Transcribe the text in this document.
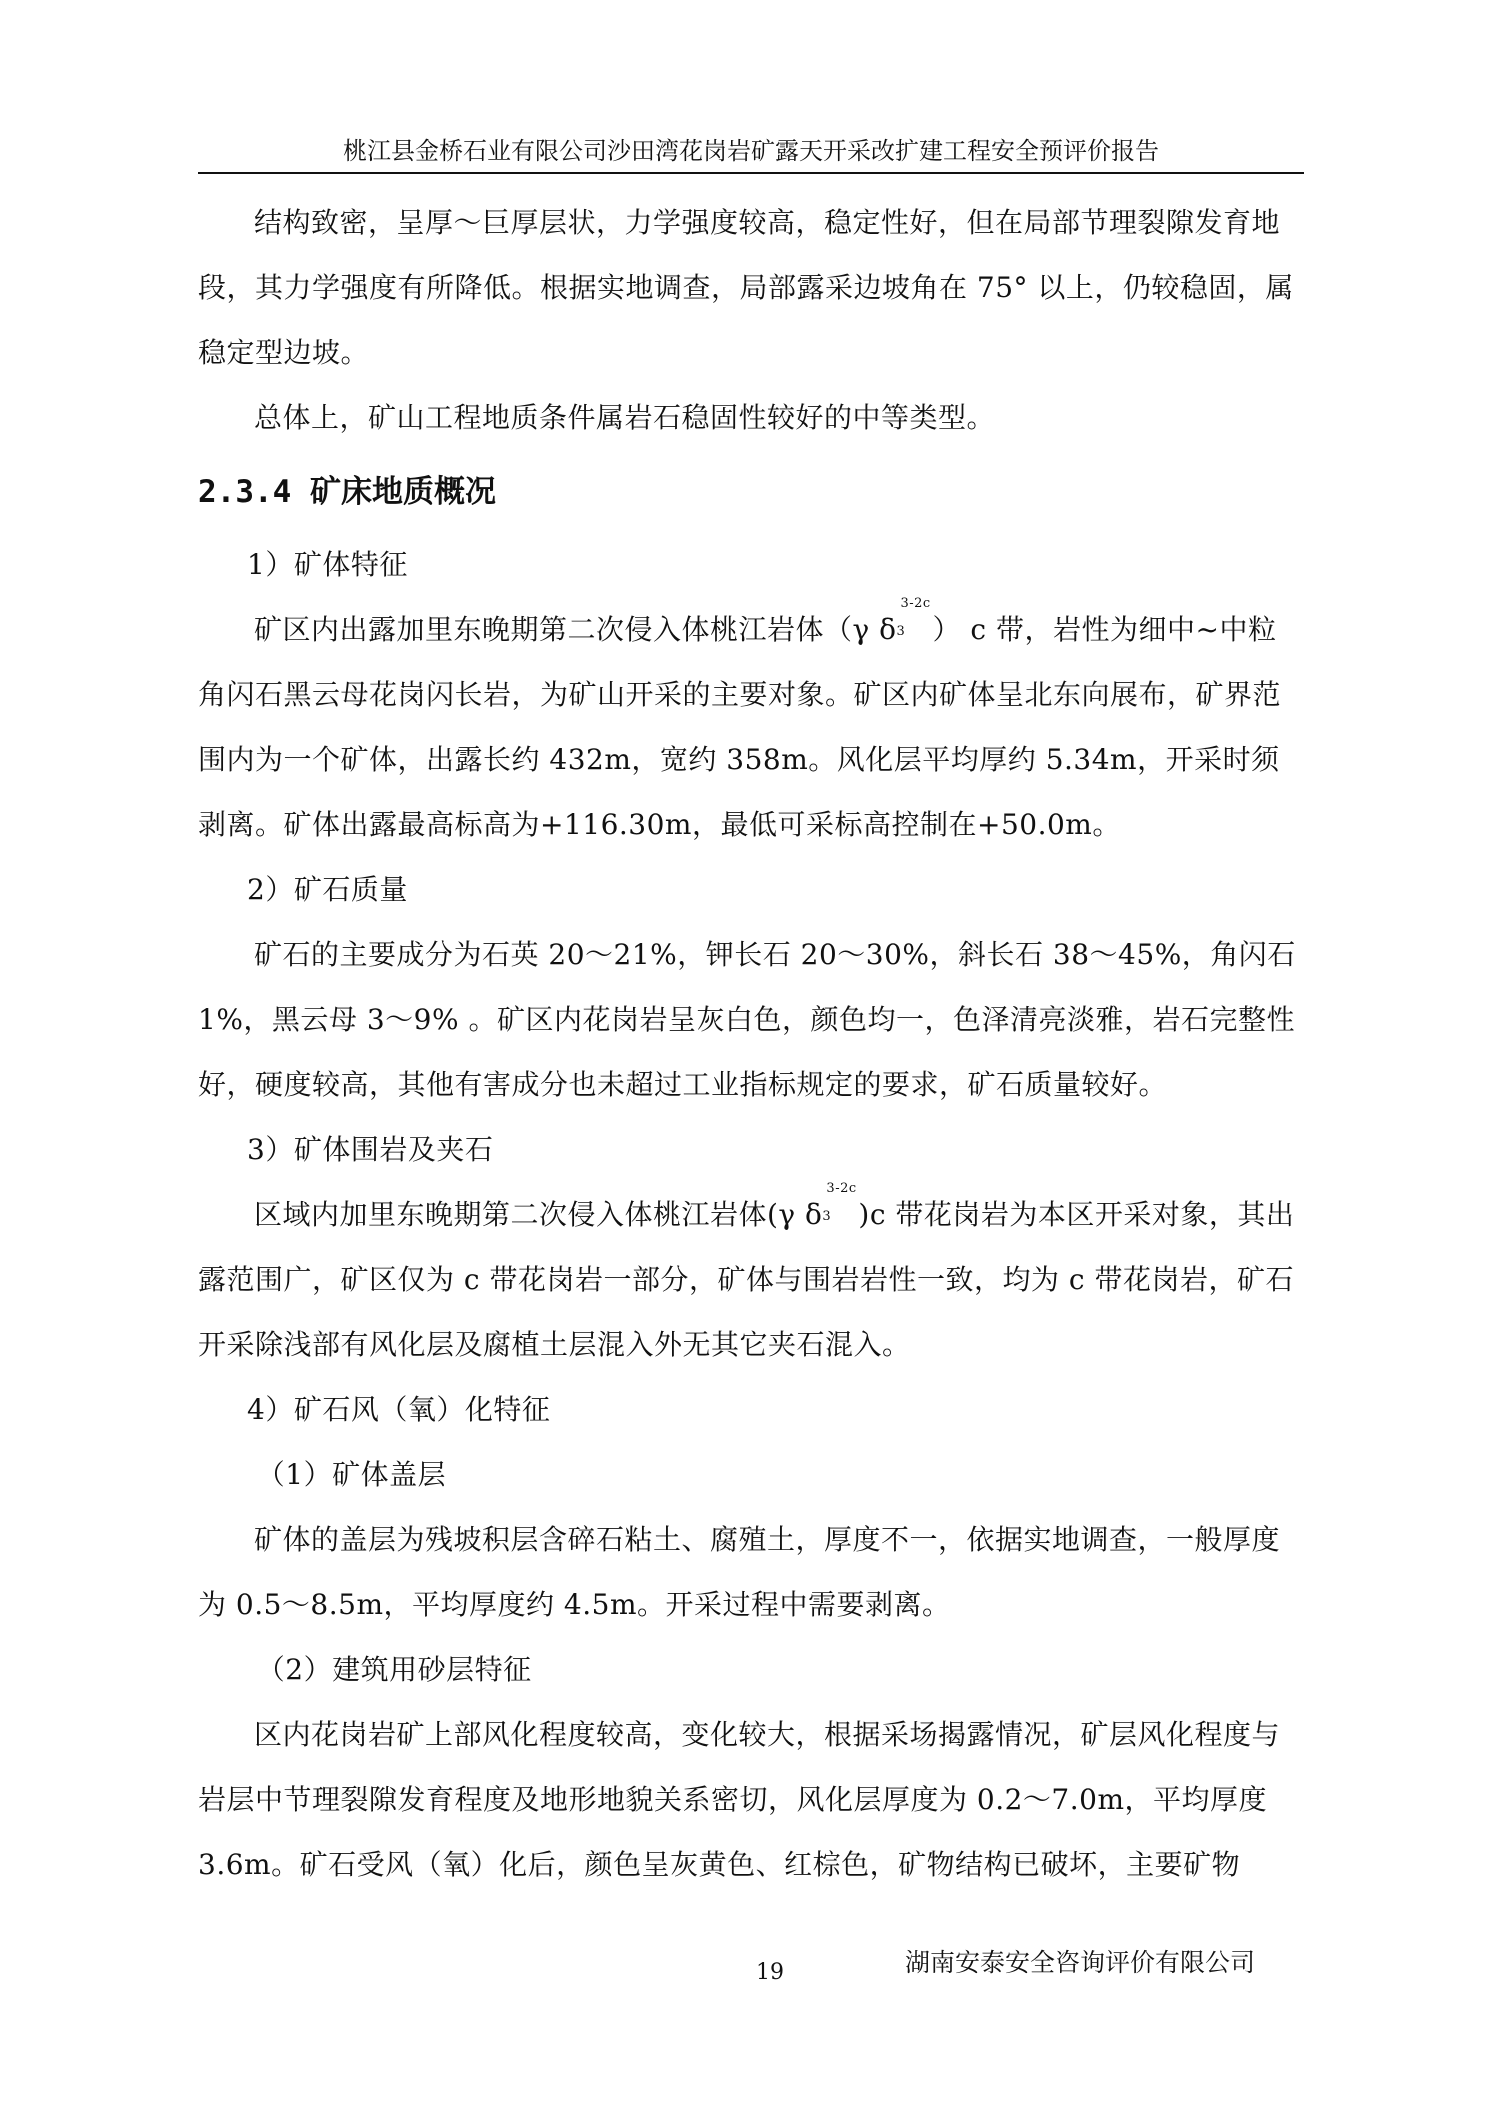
桃江县金桥石业有限公司沙田湾花岗岩矿露天开采改扩建工程安全预评价报告

结构致密，呈厚～巨厚层状，力学强度较高，稳定性好，但在局部节理裂隙发育地段，其力学强度有所降低。根据实地调查，局部露采边坡角在 75° 以上，仍较稳固，属稳定型边坡。

总体上，矿山工程地质条件属岩石稳固性较好的中等类型。

2.3.4 矿床地质概况

1）矿体特征

矿区内出露加里东晚期第二次侵入体桃江岩体（γ δ
3-2c
3 ） c 带，岩性为细中~中粒角闪石黑云母花岗闪长岩，为矿山开采的主要对象。矿区内矿体呈北东向展布，矿界范围内为一个矿体，出露长约 432m，宽约 358m。风化层平均厚约 5.34m，开采时须剥离。矿体出露最高标高为+116.30m，最低可采标高控制在+50.0m。

2）矿石质量

矿石的主要成分为石英 20～21%，钾长石 20～30%，斜长石 38～45%，角闪石 1%，黑云母 3～9% 。矿区内花岗岩呈灰白色，颜色均一，色泽清亮淡雅，岩石完整性好，硬度较高，其他有害成分也未超过工业指标规定的要求，矿石质量较好。

3）矿体围岩及夹石

区域内加里东晚期第二次侵入体桃江岩体(γ δ
3-2c
3 )c 带花岗岩为本区开采对象，其出露范围广，矿区仅为 c 带花岗岩一部分，矿体与围岩岩性一致，均为 c 带花岗岩，矿石开采除浅部有风化层及腐植土层混入外无其它夹石混入。

4）矿石风（氧）化特征

（1）矿体盖层

矿体的盖层为残坡积层含碎石粘土、腐殖土，厚度不一，依据实地调查，一般厚度为 0.5～8.5m，平均厚度约 4.5m。开采过程中需要剥离。

（2）建筑用砂层特征

区内花岗岩矿上部风化程度较高，变化较大，根据采场揭露情况，矿层风化程度与岩层中节理裂隙发育程度及地形地貌关系密切，风化层厚度为 0.2～7.0m，平均厚度 3.6m。矿石受风（氧）化后，颜色呈灰黄色、红棕色，矿物结构已破坏，主要矿物

19	湖南安泰安全咨询评价有限公司
